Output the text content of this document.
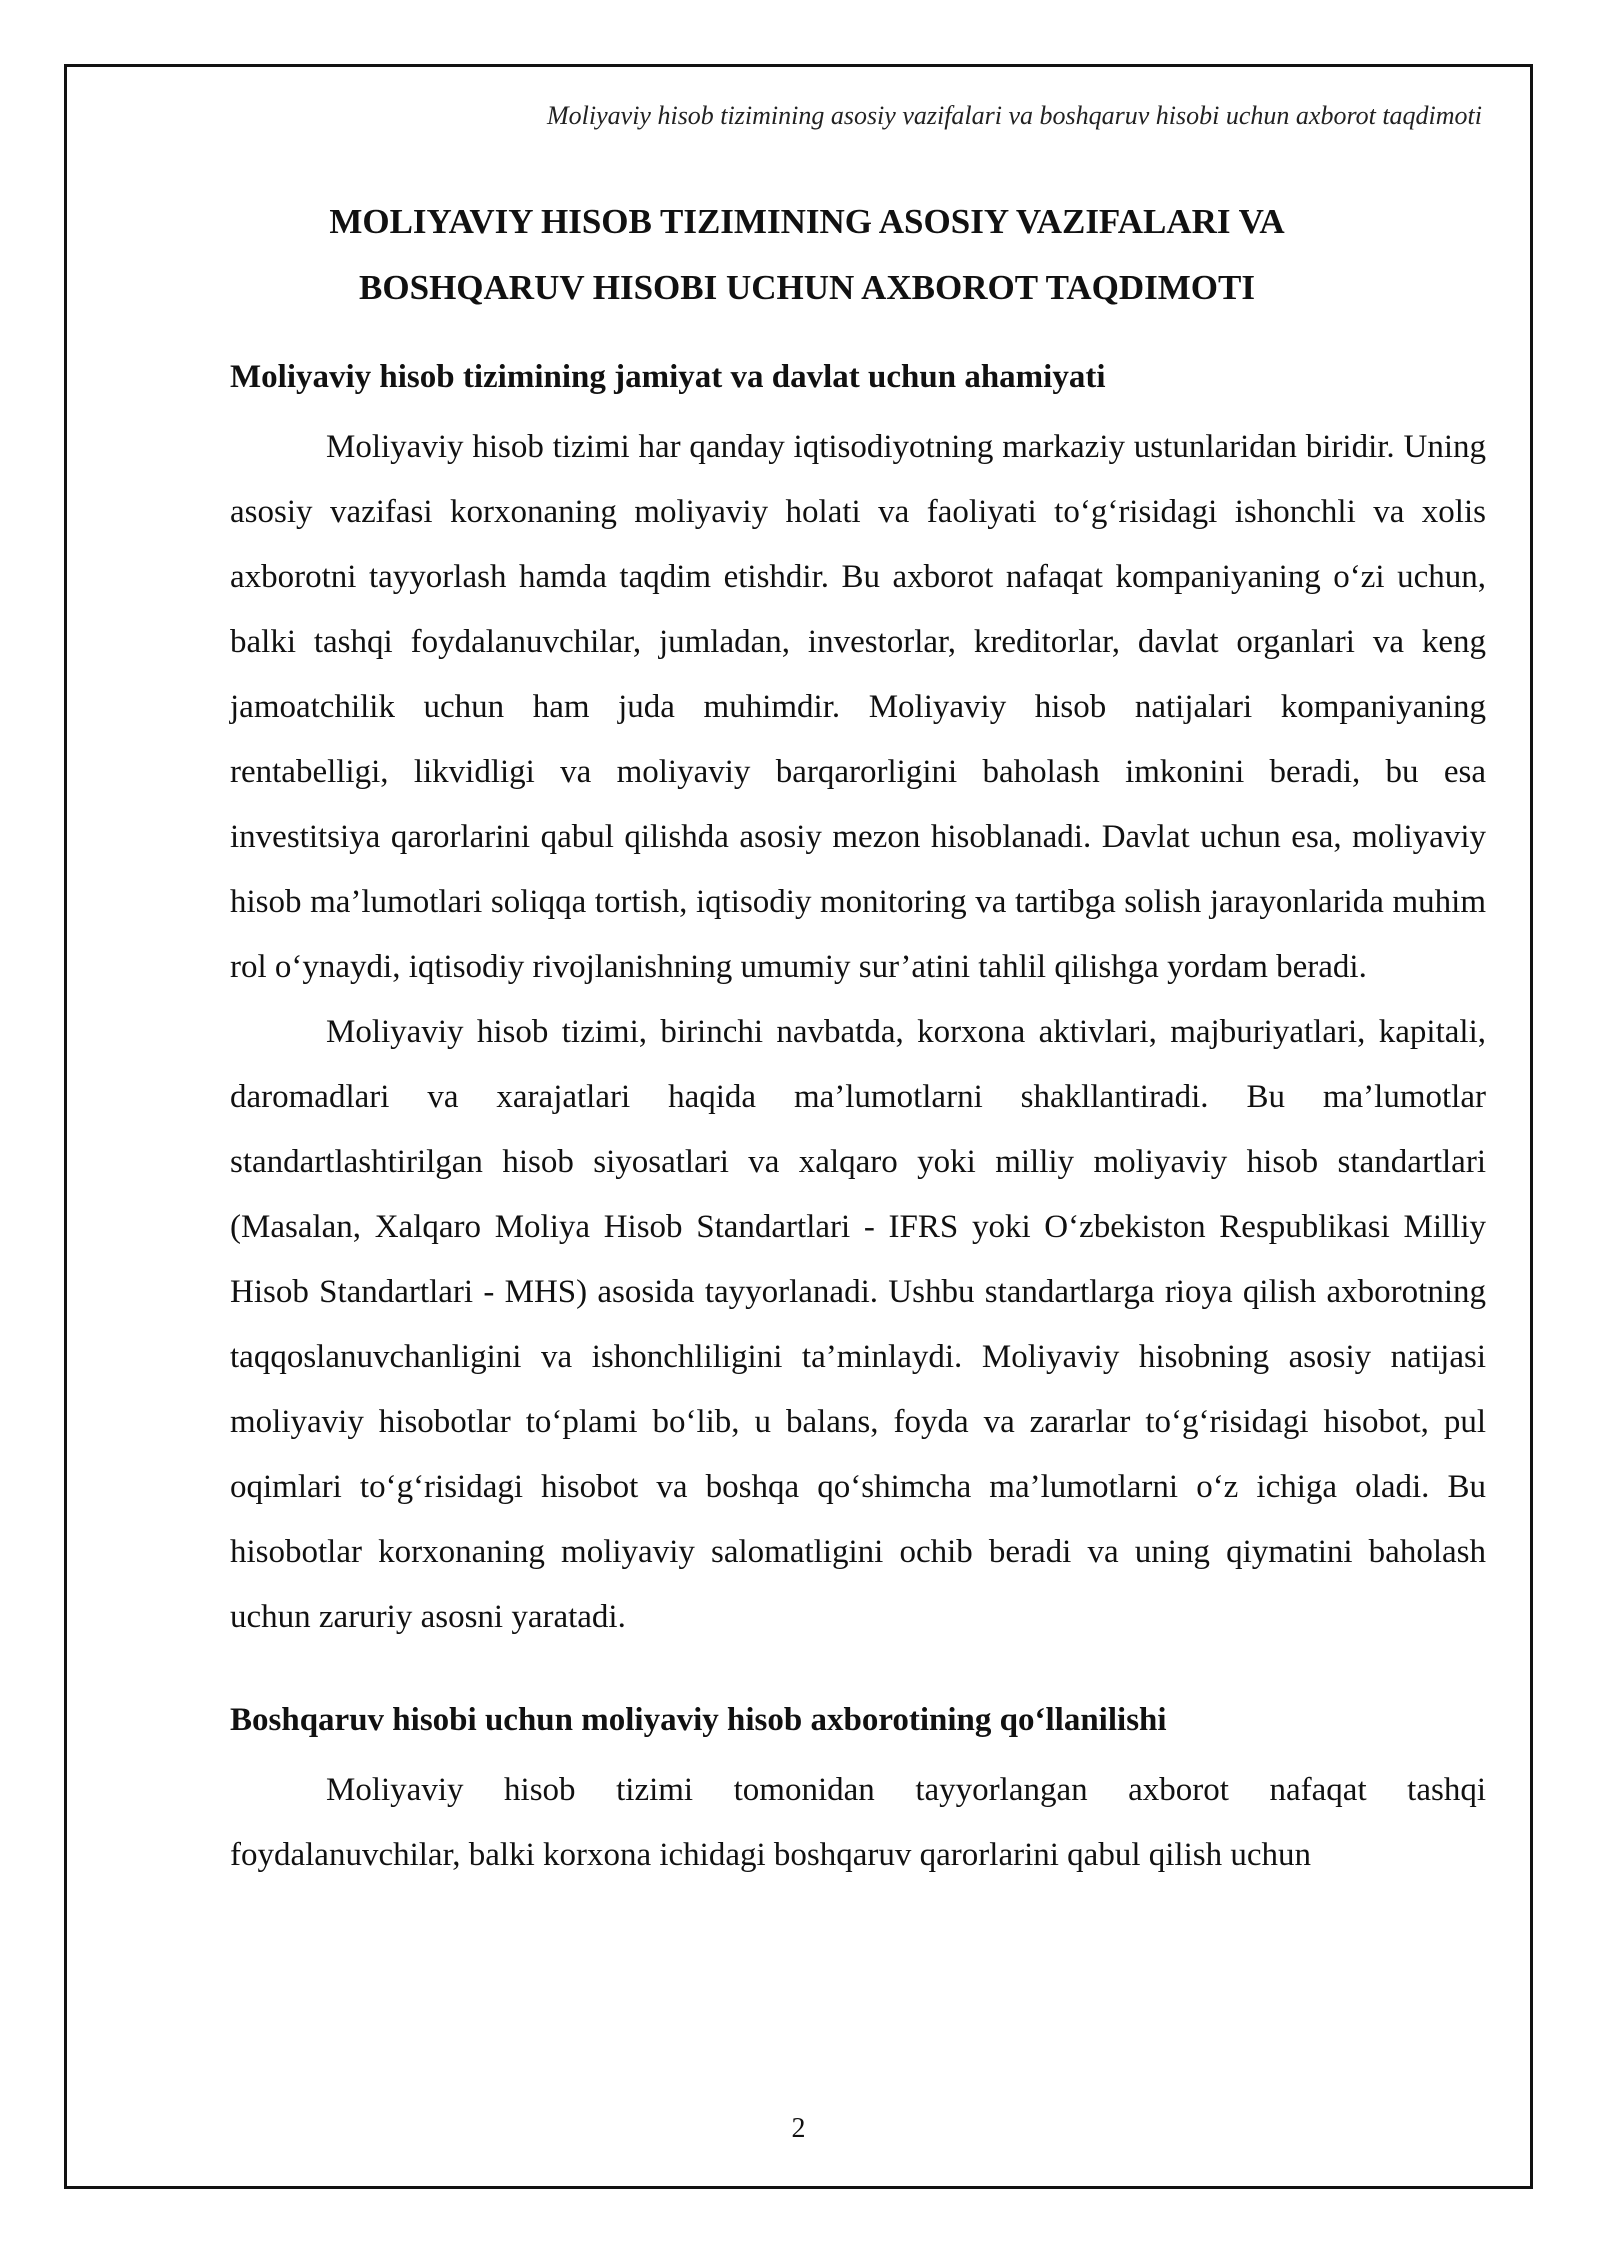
Moliyaviy hisob tizimining asosiy vazifalari va boshqaruv hisobi uchun axborot taqdimoti
MOLIYAVIY HISOB TIZIMINING ASOSIY VAZIFALARI VA
BOSHQARUV HISOBI UCHUN AXBOROT TAQDIMOTI
Moliyaviy hisob tizimining jamiyat va davlat uchun ahamiyati

Moliyaviy hisob tizimi har qanday iqtisodiyotning markaziy ustunlaridan biridir. Uning asosiy vazifasi korxonaning moliyaviy holati va faoliyati to‘g‘risidagi ishonchli va xolis axborotni tayyorlash hamda taqdim etishdir. Bu axborot nafaqat kompaniyaning o‘zi uchun, balki tashqi foydalanuvchilar, jumladan, investorlar, kreditorlar, davlat organlari va keng jamoatchilik uchun ham juda muhimdir. Moliyaviy hisob natijalari kompaniyaning rentabelligi, likvidligi va moliyaviy barqarorligini baholash imkonini beradi, bu esa investitsiya qarorlarini qabul qilishda asosiy mezon hisoblanadi. Davlat uchun esa, moliyaviy hisob ma’lumotlari soliqqa tortish, iqtisodiy monitoring va tartibga solish jarayonlarida muhim rol o‘ynaydi, iqtisodiy rivojlanishning umumiy sur’atini tahlil qilishga yordam beradi.

Moliyaviy hisob tizimi, birinchi navbatda, korxona aktivlari, majburiyatlari, kapitali, daromadlari va xarajatlari haqida ma’lumotlarni shakllantiradi. Bu ma’lumotlar standartlashtirilgan hisob siyosatlari va xalqaro yoki milliy moliyaviy hisob standartlari (Masalan, Xalqaro Moliya Hisob Standartlari - IFRS yoki O‘zbekiston Respublikasi Milliy Hisob Standartlari - MHS) asosida tayyorlanadi. Ushbu standartlarga rioya qilish axborotning taqqoslanuvchanligini va ishonchliligini ta’minlaydi. Moliyaviy hisobning asosiy natijasi moliyaviy hisobotlar to‘plami bo‘lib, u balans, foyda va zararlar to‘g‘risidagi hisobot, pul oqimlari to‘g‘risidagi hisobot va boshqa qo‘shimcha ma’lumotlarni o‘z ichiga oladi. Bu hisobotlar korxonaning moliyaviy salomatligini ochib beradi va uning qiymatini baholash uchun zaruriy asosni yaratadi.

Boshqaruv hisobi uchun moliyaviy hisob axborotining qo‘llanilishi

Moliyaviy hisob tizimi tomonidan tayyorlangan axborot nafaqat tashqi foydalanuvchilar, balki korxona ichidagi boshqaruv qarorlarini qabul qilish uchun

2
